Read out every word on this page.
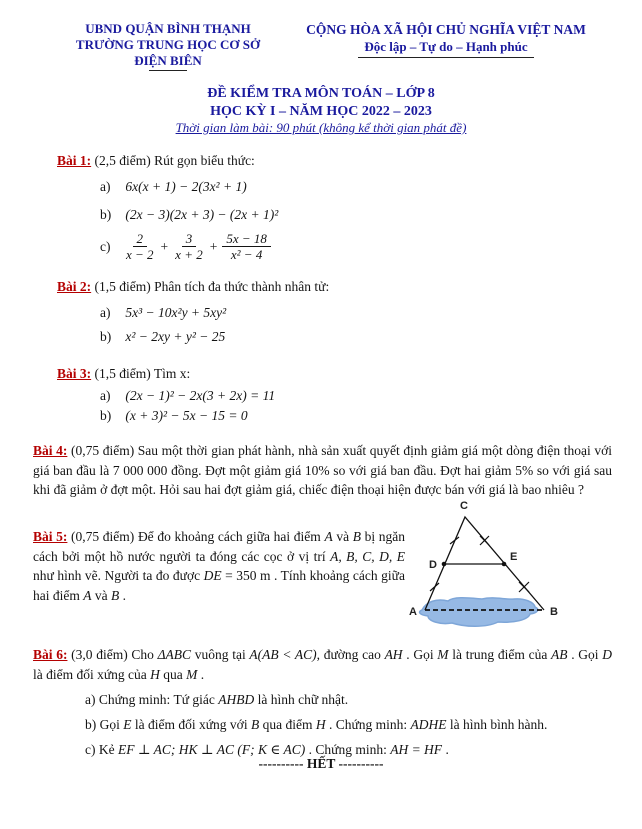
UBND QUẬN BÌNH THẠNH
TRƯỜNG TRUNG HỌC CƠ SỞ
ĐIỆN BIÊN
CỘNG HÒA XÃ HỘI CHỦ NGHĨA VIỆT NAM
Độc lập – Tự do – Hạnh phúc
ĐỀ KIỂM TRA MÔN TOÁN – LỚP 8
HỌC KỲ I – NĂM HỌC 2022 – 2023
Thời gian làm bài: 90 phút (không kể thời gian phát đề)
Bài 1: (2,5 điểm) Rút gọn biểu thức:
a) 6x(x + 1) − 2(3x² + 1)
b) (2x − 3)(2x + 3) − (2x + 1)²
c)	$\frac{2}{x - 2} + \frac{3}{x + 2} + \frac{5x - 18}{\text{x² − 4}}$
Bài 2: (1,5 điểm) Phân tích đa thức thành nhân tử:
a) 5x³ − 10x²y + 5xy²
b) x² − 2xy + y² − 25
Bài 3: (1,5 điểm) Tìm x:
a) (2x − 1)² − 2x(3 + 2x) = 11
b) (x + 3)² − 5x − 15 = 0
Bài 4: (0,75 điểm) Sau một thời gian phát hành, nhà sản xuất quyết định giảm giá một dòng điện thoại với giá ban đầu là 7 000 000 đồng. Đợt một giảm giá 10% so với giá ban đầu. Đợt hai giảm 5% so với giá sau khi đã giảm ở đợt một. Hỏi sau hai đợt giảm giá, chiếc điện thoại hiện được bán với giá là bao nhiêu ?
Bài 5: (0,75 điểm) Để đo khoảng cách giữa hai điểm A và B bị ngăn cách bởi một hồ nước người ta đóng các cọc ở vị trí A, B, C, D, E như hình vẽ. Người ta đo được DE = 350 m . Tính khoảng cách giữa hai điểm A và B .
C
A	B
D
E
Bài 6: (3,0 điểm) Cho ΔABC vuông tại A(AB < AC), đường cao AH . Gọi M là trung điểm của AB . Gọi D là điểm đối xứng của H qua M .
a) Chứng minh: Tứ giác AHBD là hình chữ nhật.
b) Gọi E là điểm đối xứng với B qua điểm H . Chứng minh: ADHE là hình bình hành.
c) Kẻ EF ⊥ AC; HK ⊥ AC (F; K ∈ AC) . Chứng minh: AH = HF .
---------- HẾT ----------
